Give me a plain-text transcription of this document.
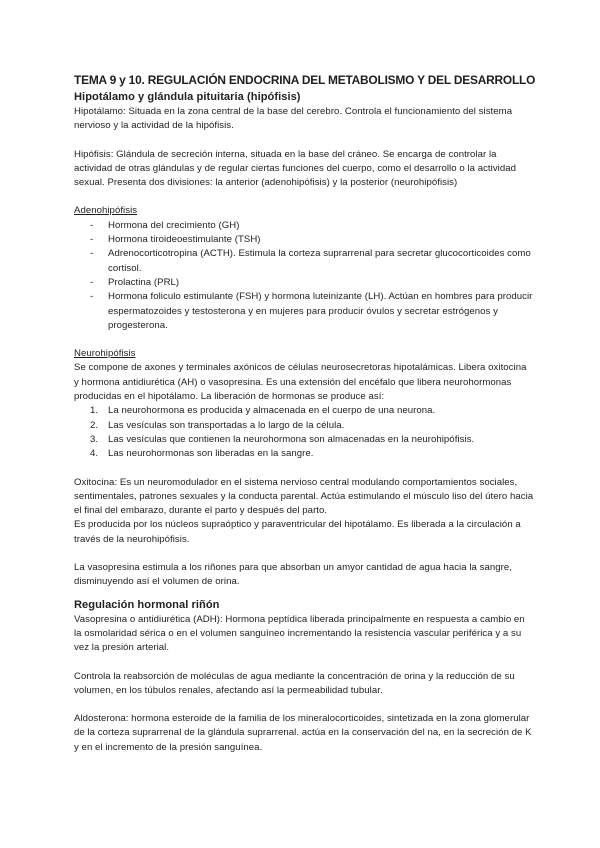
TEMA 9 y 10. REGULACIÓN ENDOCRINA DEL METABOLISMO Y DEL DESARROLLO
Hipotálamo y glándula pituitaria (hipófisis)

Hipotálamo: Situada en la zona central de la base del cerebro. Controla el funcionamiento del sistema nervioso y la actividad de la hipófisis.

Hipófisis: Glándula de secreción interna, situada en la base del cráneo. Se encarga de controlar la actividad de otras glándulas y de regular ciertas funciones del cuerpo, como el desarrollo o la actividad sexual. Presenta dos divisiones: la anterior (adenohipófisis) y la posterior (neurohipófisis)

Adenohipófisis

- Hormona del crecimiento (GH)
- Hormona tiroideoestimulante (TSH)
- Adrenocorticotropina (ACTH). Estimula la corteza suprarrenal para secretar glucocorticoides como cortisol.
- Prolactina (PRL)
- Hormona foliculo estimulante (FSH) y hormona luteinizante (LH). Actúan en hombres para producir espermatozoides y testosterona y en mujeres para producir óvulos y secretar estrógenos y progesterona.

Neurohipófisis

Se compone de axones y terminales axónicos de células neurosecretoras hipotalámicas. Libera oxitocina y hormona antidiurética (AH) o vasopresina. Es una extensión del encéfalo que libera neurohormonas producidas en el hipotálamo. La liberación de hormonas se produce así:

1. La neurohormona es producida y almacenada en el cuerpo de una neurona.
2. Las vesículas son transportadas a lo largo de la célula.
3. Las vesículas que contienen la neurohormona son almacenadas en la neurohipófisis.
4. Las neurohormonas son liberadas en la sangre.

Oxitocina: Es un neuromodulador en el sistema nervioso central modulando comportamientos sociales, sentimentales, patrones sexuales y la conducta parental. Actúa estimulando el músculo liso del útero hacia el final del embarazo, durante el parto y después del parto.

Es producida por los núcleos supraóptico y paraventricular del hipotálamo. Es liberada a la circulación a través de la neurohipófisis.

La vasopresina estimula a los riñones para que absorban un amyor cantidad de agua hacia la sangre, disminuyendo así el volumen de orina.

Regulación hormonal riñón

Vasopresina o antidiurética (ADH): Hormona peptídica liberada principalmente en respuesta a cambio en la osmolaridad sérica o en el volumen sanguíneo incrementando la resistencia vascular periférica y a su vez la presión arterial.

Controla la reabsorción de moléculas de agua mediante la concentración de orina y la reducción de su volumen, en los túbulos renales, afectando así la permeabilidad tubular.

Aldosterona: hormona esteroide de la familia de los mineralocorticoides, sintetizada en la zona glomerular de la corteza suprarrenal de la glándula suprarrenal. actúa en la conservación del na, en la secreción de K y en el incremento de la presión sanguínea.
